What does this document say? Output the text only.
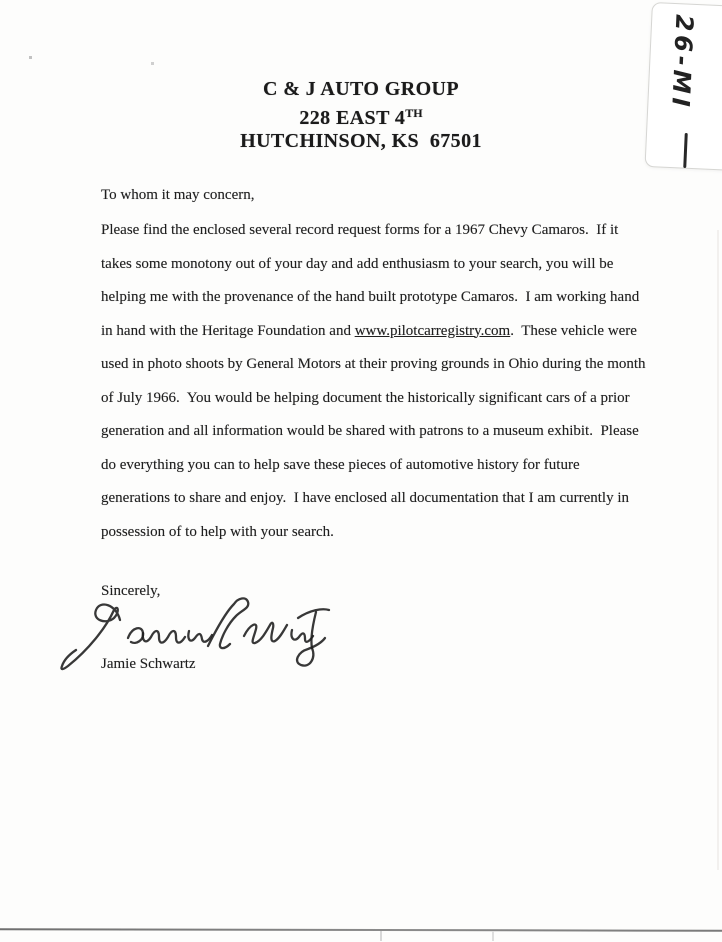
C & J AUTO GROUP
228 EAST 4TH
HUTCHINSON, KS  67501

To whom it may concern,

Please find the enclosed several record request forms for a 1967 Chevy Camaros.  If it takes some monotony out of your day and add enthusiasm to your search, you will be helping me with the provenance of the hand built prototype Camaros.  I am working hand in hand with the Heritage Foundation and www.pilotcarregistry.com.  These vehicle were used in photo shoots by General Motors at their proving grounds in Ohio during the month of July 1966.  You would be helping document the historically significant cars of a prior generation and all information would be shared with patrons to a museum exhibit.  Please do everything you can to help save these pieces of automotive history for future generations to share and enjoy.  I have enclosed all documentation that I am currently in possession of to help with your search.

Sincerely,

Jamie Schwartz

26-MI
